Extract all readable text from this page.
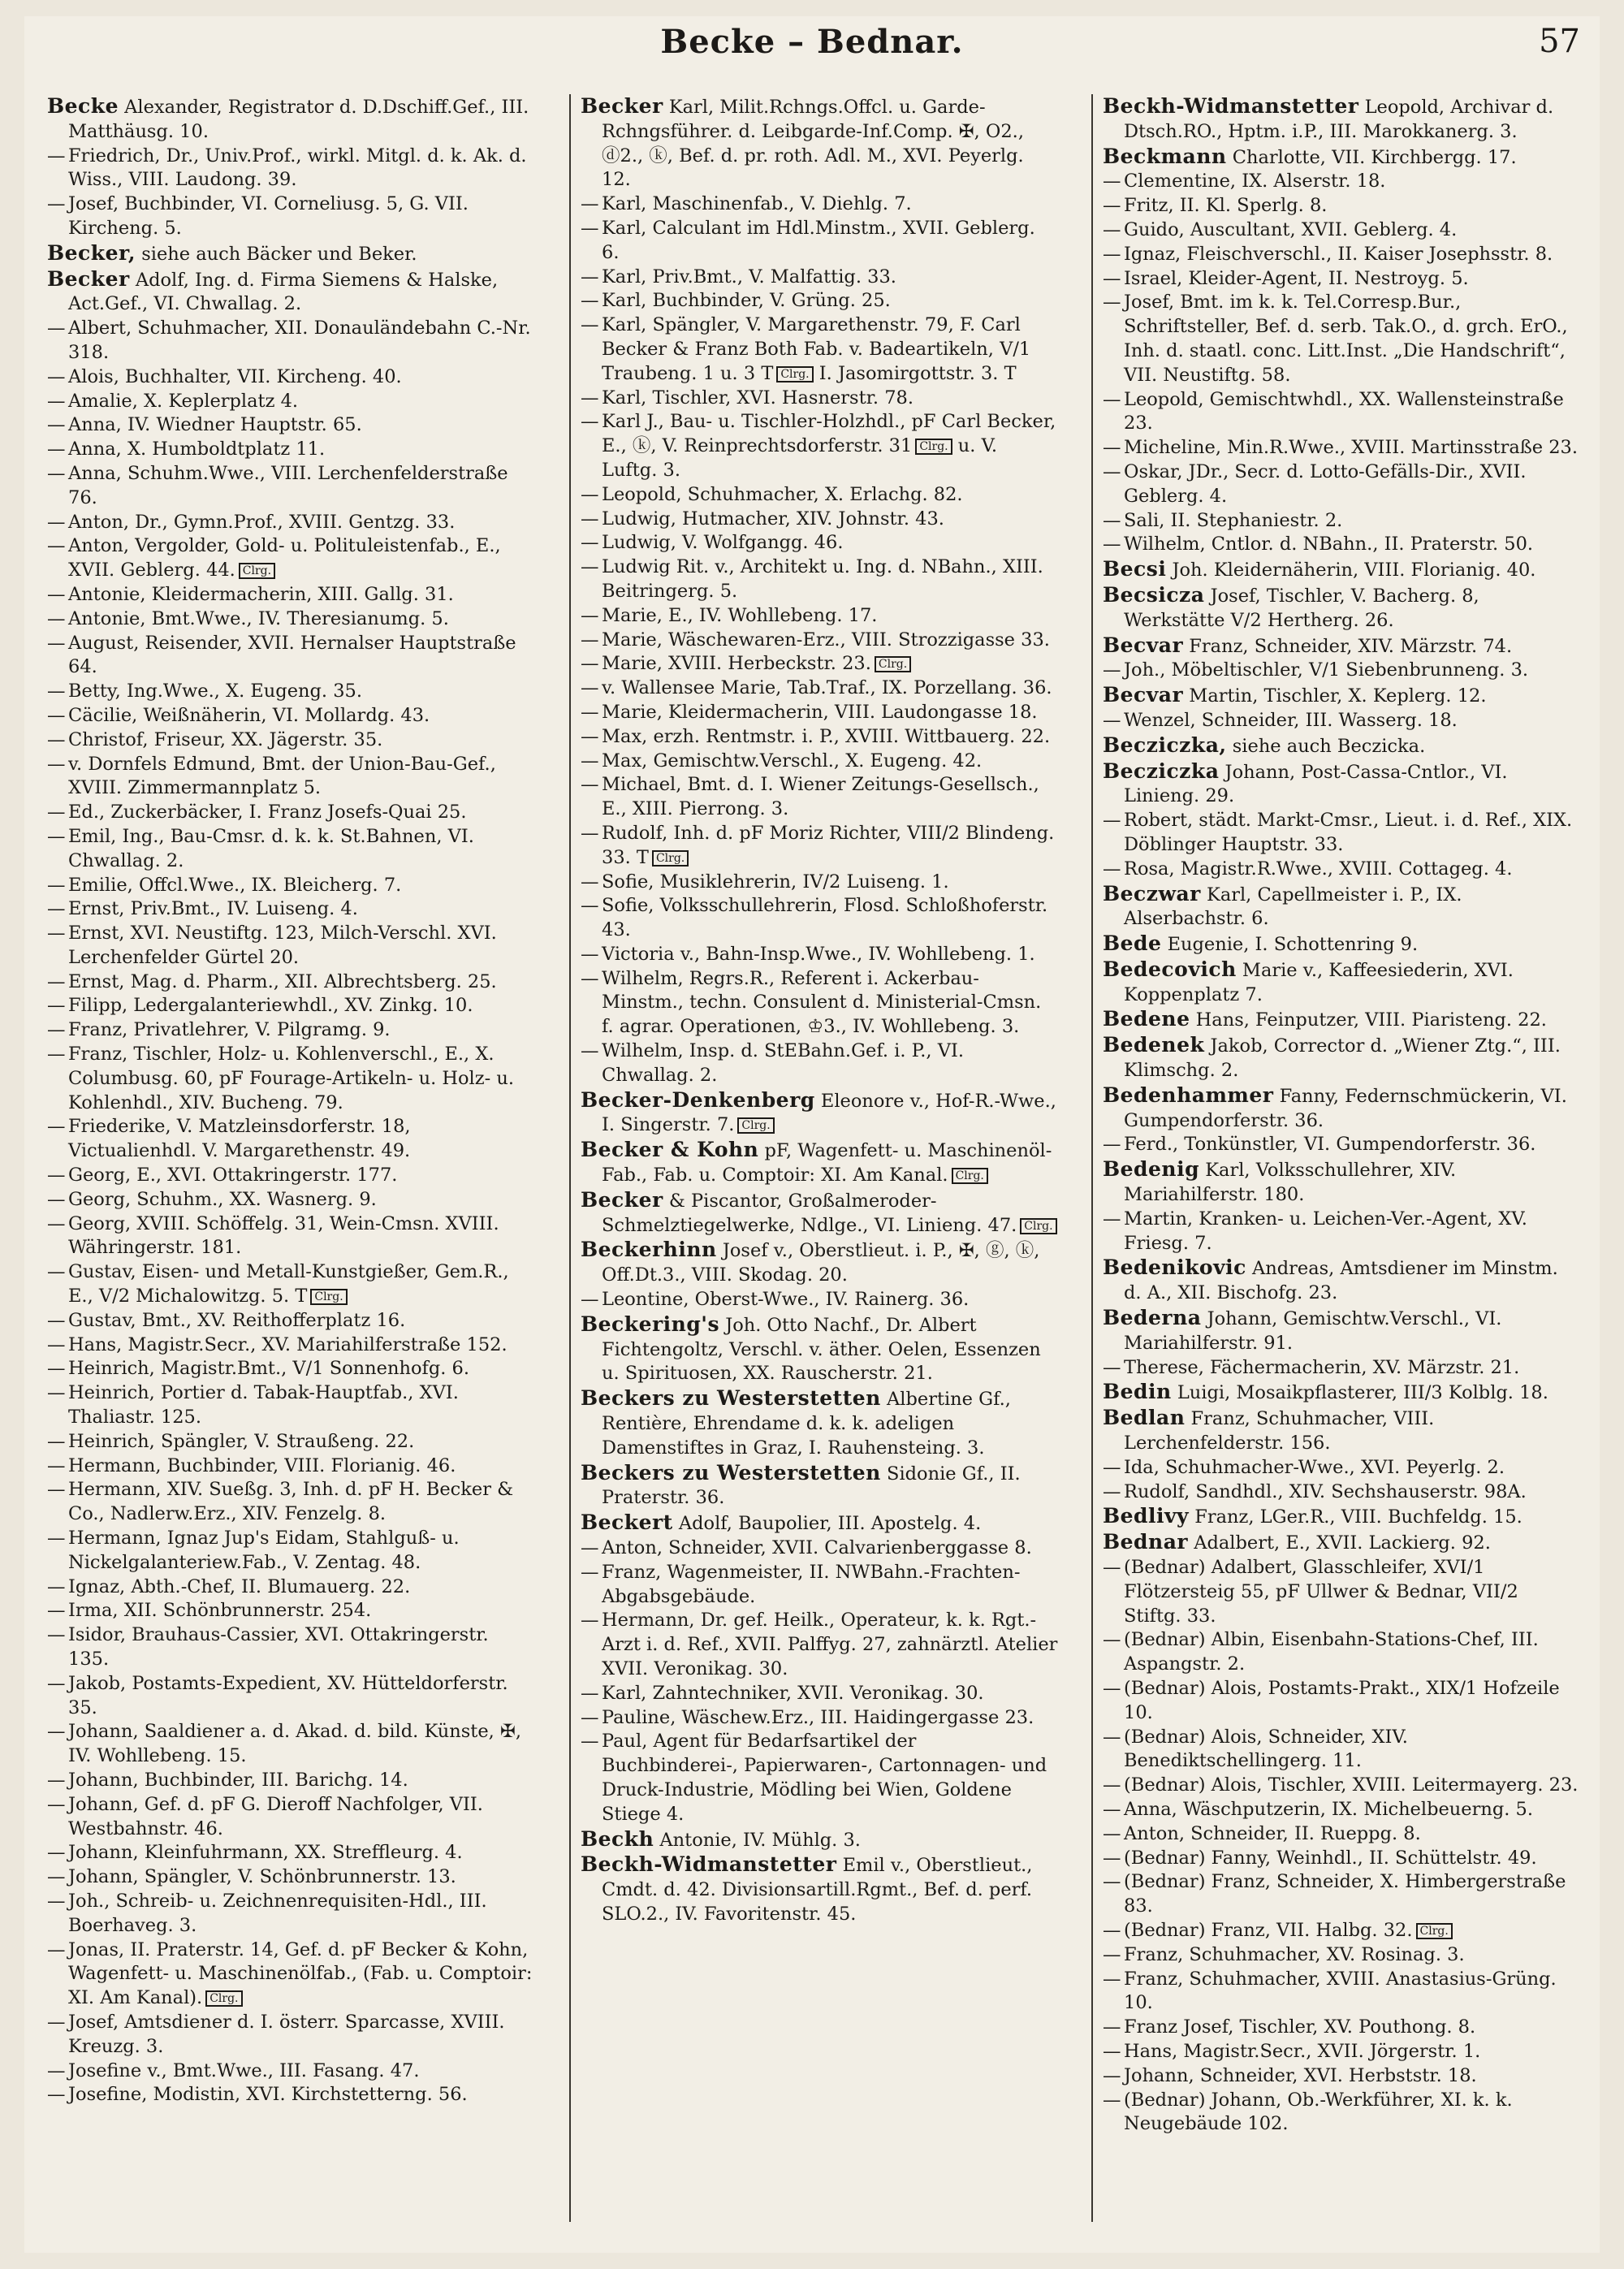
Becke – Bednar.	57

Becke Alexander, Registrator d. D.Dschiff.Gef., III. Matthäusg. 10.

— Friedrich, Dr., Univ.Prof., wirkl. Mitgl. d. k. Ak. d. Wiss., VIII. Laudong. 39.

— Josef, Buchbinder, VI. Corneliusg. 5, G. VII. Kircheng. 5.

Becker, siehe auch Bäcker und Beker.

Becker Adolf, Ing. d. Firma Siemens & Halske, Act.Gef., VI. Chwallag. 2.

— Albert, Schuhmacher, XII. Donauländebahn C.-Nr. 318.

— Alois, Buchhalter, VII. Kircheng. 40.

— Amalie, X. Keplerplatz 4.

— Anna, IV. Wiedner Hauptstr. 65.

— Anna, X. Humboldtplatz 11.

— Anna, Schuhm.Wwe., VIII. Lerchenfelderstraße 76.

— Anton, Dr., Gymn.Prof., XVIII. Gentzg. 33.

— Anton, Vergolder, Gold- u. Polituleistenfab., E., XVII. Geblerg. 44. Clrg.

— Antonie, Kleidermacherin, XIII. Gallg. 31.

— Antonie, Bmt.Wwe., IV. Theresianumg. 5.

— August, Reisender, XVII. Hernalser Hauptstraße 64.

— Betty, Ing.Wwe., X. Eugeng. 35.

— Cäcilie, Weißnäherin, VI. Mollardg. 43.

— Christof, Friseur, XX. Jägerstr. 35.

— v. Dornfels Edmund, Bmt. der Union-Bau-Gef., XVIII. Zimmermannplatz 5.

— Ed., Zuckerbäcker, I. Franz Josefs-Quai 25.

— Emil, Ing., Bau-Cmsr. d. k. k. St.Bahnen, VI. Chwallag. 2.

— Emilie, Offcl.Wwe., IX. Bleicherg. 7.

— Ernst, Priv.Bmt., IV. Luiseng. 4.

— Ernst, XVI. Neustiftg. 123, Milch-Verschl. XVI. Lerchenfelder Gürtel 20.

— Ernst, Mag. d. Pharm., XII. Albrechtsberg. 25.

— Filipp, Ledergalanteriewhdl., XV. Zinkg. 10.

— Franz, Privatlehrer, V. Pilgramg. 9.

— Franz, Tischler, Holz- u. Kohlenverschl., E., X. Columbusg. 60, pF Fourage-Artikeln- u. Holz- u. Kohlenhdl., XIV. Bucheng. 79.

— Friederike, V. Matzleinsdorferstr. 18, Victualienhdl. V. Margarethenstr. 49.

— Georg, E., XVI. Ottakringerstr. 177.

— Georg, Schuhm., XX. Wasnerg. 9.

— Georg, XVIII. Schöffelg. 31, Wein-Cmsn. XVIII. Währingerstr. 181.

— Gustav, Eisen- und Metall-Kunstgießer, Gem.R., E., V/2 Michalowitzg. 5. T Clrg.

— Gustav, Bmt., XV. Reithofferplatz 16.

— Hans, Magistr.Secr., XV. Mariahilferstraße 152.

— Heinrich, Magistr.Bmt., V/1 Sonnenhofg. 6.

— Heinrich, Portier d. Tabak-Hauptfab., XVI. Thaliastr. 125.

— Heinrich, Spängler, V. Straußeng. 22.

— Hermann, Buchbinder, VIII. Florianig. 46.

— Hermann, XIV. Sueßg. 3, Inh. d. pF H. Becker & Co., Nadlerw.Erz., XIV. Fenzelg. 8.

— Hermann, Ignaz Jup's Eidam, Stahlguß- u. Nickelgalanteriew.Fab., V. Zentag. 48.

— Ignaz, Abth.-Chef, II. Blumauerg. 22.

— Irma, XII. Schönbrunnerstr. 254.

— Isidor, Brauhaus-Cassier, XVI. Ottakringerstr. 135.

— Jakob, Postamts-Expedient, XV. Hütteldorferstr. 35.

— Johann, Saaldiener a. d. Akad. d. bild. Künste, ✠, IV. Wohllebeng. 15.

— Johann, Buchbinder, III. Barichg. 14.

— Johann, Gef. d. pF G. Dieroff Nachfolger, VII. Westbahnstr. 46.

— Johann, Kleinfuhrmann, XX. Streffleurg. 4.

— Johann, Spängler, V. Schönbrunnerstr. 13.

— Joh., Schreib- u. Zeichnenrequisiten-Hdl., III. Boerhaveg. 3.

— Jonas, II. Praterstr. 14, Gef. d. pF Becker & Kohn, Wagenfett- u. Maschinenölfab., (Fab. u. Comptoir: XI. Am Kanal). Clrg.

— Josef, Amtsdiener d. I. österr. Sparcasse, XVIII. Kreuzg. 3.

— Josefine v., Bmt.Wwe., III. Fasang. 47.

— Josefine, Modistin, XVI. Kirchstetterng. 56.

Becker Karl, Milit.Rchngs.Offcl. u. Garde-Rchngsführer. d. Leibgarde-Inf.Comp. ✠, O2., ⓓ2., ⓚ, Bef. d. pr. roth. Adl. M., XVI. Peyerlg. 12.

— Karl, Maschinenfab., V. Diehlg. 7.

— Karl, Calculant im Hdl.Minstm., XVII. Geblerg. 6.

— Karl, Priv.Bmt., V. Malfattig. 33.

— Karl, Buchbinder, V. Grüng. 25.

— Karl, Spängler, V. Margarethenstr. 79, F. Carl Becker & Franz Both Fab. v. Badeartikeln, V/1 Traubeng. 1 u. 3 T Clrg. I. Jasomirgottstr. 3. T

— Karl, Tischler, XVI. Hasnerstr. 78.

— Karl J., Bau- u. Tischler-Holzhdl., pF Carl Becker, E., ⓚ, V. Reinprechtsdorferstr. 31 Clrg. u. V. Luftg. 3.

— Leopold, Schuhmacher, X. Erlachg. 82.

— Ludwig, Hutmacher, XIV. Johnstr. 43.

— Ludwig, V. Wolfgangg. 46.

— Ludwig Rit. v., Architekt u. Ing. d. NBahn., XIII. Beitringerg. 5.

— Marie, E., IV. Wohllebeng. 17.

— Marie, Wäschewaren-Erz., VIII. Strozzigasse 33.

— Marie, XVIII. Herbeckstr. 23. Clrg.

— v. Wallensee Marie, Tab.Traf., IX. Porzellang. 36.

— Marie, Kleidermacherin, VIII. Laudongasse 18.

— Max, erzh. Rentmstr. i. P., XVIII. Wittbauerg. 22.

— Max, Gemischtw.Verschl., X. Eugeng. 42.

— Michael, Bmt. d. I. Wiener Zeitungs-Gesellsch., E., XIII. Pierrong. 3.

— Rudolf, Inh. d. pF Moriz Richter, VIII/2 Blindeng. 33. T Clrg.

— Sofie, Musiklehrerin, IV/2 Luiseng. 1.

— Sofie, Volksschullehrerin, Flosd. Schloßhoferstr. 43.

— Victoria v., Bahn-Insp.Wwe., IV. Wohllebeng. 1.

— Wilhelm, Regrs.R., Referent i. Ackerbau-Minstm., techn. Consulent d. Ministerial-Cmsn. f. agrar. Operationen, ♔3., IV. Wohllebeng. 3.

— Wilhelm, Insp. d. StEBahn.Gef. i. P., VI. Chwallag. 2.

Becker-Denkenberg Eleonore v., Hof-R.-Wwe., I. Singerstr. 7. Clrg.

Becker & Kohn pF, Wagenfett- u. Maschinenöl-Fab., Fab. u. Comptoir: XI. Am Kanal. Clrg.

Becker & Piscantor, Großalmeroder-Schmelztiegelwerke, Ndlge., VI. Linieng. 47. Clrg.

Beckerhinn Josef v., Oberstlieut. i. P., ✠, ⓖ, ⓚ, Off.Dt.3., VIII. Skodag. 20.

— Leontine, Oberst-Wwe., IV. Rainerg. 36.

Beckering's Joh. Otto Nachf., Dr. Albert Fichtengoltz, Verschl. v. äther. Oelen, Essenzen u. Spirituosen, XX. Rauscherstr. 21.

Beckers zu Westerstetten Albertine Gf., Rentière, Ehrendame d. k. k. adeligen Damenstiftes in Graz, I. Rauhensteing. 3.

Beckers zu Westerstetten Sidonie Gf., II. Praterstr. 36.

Beckert Adolf, Baupolier, III. Apostelg. 4.

— Anton, Schneider, XVII. Calvarienberggasse 8.

— Franz, Wagenmeister, II. NWBahn.-Frachten-Abgabsgebäude.

— Hermann, Dr. gef. Heilk., Operateur, k. k. Rgt.-Arzt i. d. Ref., XVII. Palffyg. 27, zahnärztl. Atelier XVII. Veronikag. 30.

— Karl, Zahntechniker, XVII. Veronikag. 30.

— Pauline, Wäschew.Erz., III. Haidingergasse 23.

— Paul, Agent für Bedarfsartikel der Buchbinderei-, Papierwaren-, Cartonnagen- und Druck-Industrie, Mödling bei Wien, Goldene Stiege 4.

Beckh Antonie, IV. Mühlg. 3.

Beckh-Widmanstetter Emil v., Oberstlieut., Cmdt. d. 42. Divisionsartill.Rgmt., Bef. d. perf. SLO.2., IV. Favoritenstr. 45.

Beckh-Widmanstetter Leopold, Archivar d. Dtsch.RO., Hptm. i.P., III. Marokkanerg. 3.

Beckmann Charlotte, VII. Kirchbergg. 17.

— Clementine, IX. Alserstr. 18.

— Fritz, II. Kl. Sperlg. 8.

— Guido, Auscultant, XVII. Geblerg. 4.

— Ignaz, Fleischverschl., II. Kaiser Josephsstr. 8.

— Israel, Kleider-Agent, II. Nestroyg. 5.

— Josef, Bmt. im k. k. Tel.Corresp.Bur., Schriftsteller, Bef. d. serb. Tak.O., d. grch. ErO., Inh. d. staatl. conc. Litt.Inst. „Die Handschrift“, VII. Neustiftg. 58.

— Leopold, Gemischtwhdl., XX. Wallensteinstraße 23.

— Micheline, Min.R.Wwe., XVIII. Martinsstraße 23.

— Oskar, JDr., Secr. d. Lotto-Gefälls-Dir., XVII. Geblerg. 4.

— Sali, II. Stephaniestr. 2.

— Wilhelm, Cntlor. d. NBahn., II. Praterstr. 50.

Becsi Joh. Kleidernäherin, VIII. Florianig. 40.

Becsicza Josef, Tischler, V. Bacherg. 8, Werkstätte V/2 Hertherg. 26.

Becvar Franz, Schneider, XIV. Märzstr. 74.

— Joh., Möbeltischler, V/1 Siebenbrunneng. 3.

Becvar Martin, Tischler, X. Keplerg. 12.

— Wenzel, Schneider, III. Wasserg. 18.

Becziczka, siehe auch Beczicka.

Becziczka Johann, Post-Cassa-Cntlor., VI. Linieng. 29.

— Robert, städt. Markt-Cmsr., Lieut. i. d. Ref., XIX. Döblinger Hauptstr. 33.

— Rosa, Magistr.R.Wwe., XVIII. Cottageg. 4.

Beczwar Karl, Capellmeister i. P., IX. Alserbachstr. 6.

Bede Eugenie, I. Schottenring 9.

Bedecovich Marie v., Kaffeesiederin, XVI. Koppenplatz 7.

Bedene Hans, Feinputzer, VIII. Piaristeng. 22.

Bedenek Jakob, Corrector d. „Wiener Ztg.“, III. Klimschg. 2.

Bedenhammer Fanny, Federnschmückerin, VI. Gumpendorferstr. 36.

— Ferd., Tonkünstler, VI. Gumpendorferstr. 36.

Bedenig Karl, Volksschullehrer, XIV. Mariahilferstr. 180.

— Martin, Kranken- u. Leichen-Ver.-Agent, XV. Friesg. 7.

Bedenikovic Andreas, Amtsdiener im Minstm. d. A., XII. Bischofg. 23.

Bederna Johann, Gemischtw.Verschl., VI. Mariahilferstr. 91.

— Therese, Fächermacherin, XV. Märzstr. 21.

Bedin Luigi, Mosaikpflasterer, III/3 Kolblg. 18.

Bedlan Franz, Schuhmacher, VIII. Lerchenfelderstr. 156.

— Ida, Schuhmacher-Wwe., XVI. Peyerlg. 2.

— Rudolf, Sandhdl., XIV. Sechshauserstr. 98A.

Bedlivy Franz, LGer.R., VIII. Buchfeldg. 15.

Bednar Adalbert, E., XVII. Lackierg. 92.

— (Bednar) Adalbert, Glasschleifer, XVI/1 Flötzersteig 55, pF Ullwer & Bednar, VII/2 Stiftg. 33.

— (Bednar) Albin, Eisenbahn-Stations-Chef, III. Aspangstr. 2.

— (Bednar) Alois, Postamts-Prakt., XIX/1 Hofzeile 10.

— (Bednar) Alois, Schneider, XIV. Benediktschellingerg. 11.

— (Bednar) Alois, Tischler, XVIII. Leitermayerg. 23.

— Anna, Wäschputzerin, IX. Michelbeuerng. 5.

— Anton, Schneider, II. Rueppg. 8.

— (Bednar) Fanny, Weinhdl., II. Schüttelstr. 49.

— (Bednar) Franz, Schneider, X. Himbergerstraße 83.

— (Bednar) Franz, VII. Halbg. 32. Clrg.

— Franz, Schuhmacher, XV. Rosinag. 3.

— Franz, Schuhmacher, XVIII. Anastasius-Grüng. 10.

— Franz Josef, Tischler, XV. Pouthong. 8.

— Hans, Magistr.Secr., XVII. Jörgerstr. 1.

— Johann, Schneider, XVI. Herbststr. 18.

— (Bednar) Johann, Ob.-Werkführer, XI. k. k. Neugebäude 102.
